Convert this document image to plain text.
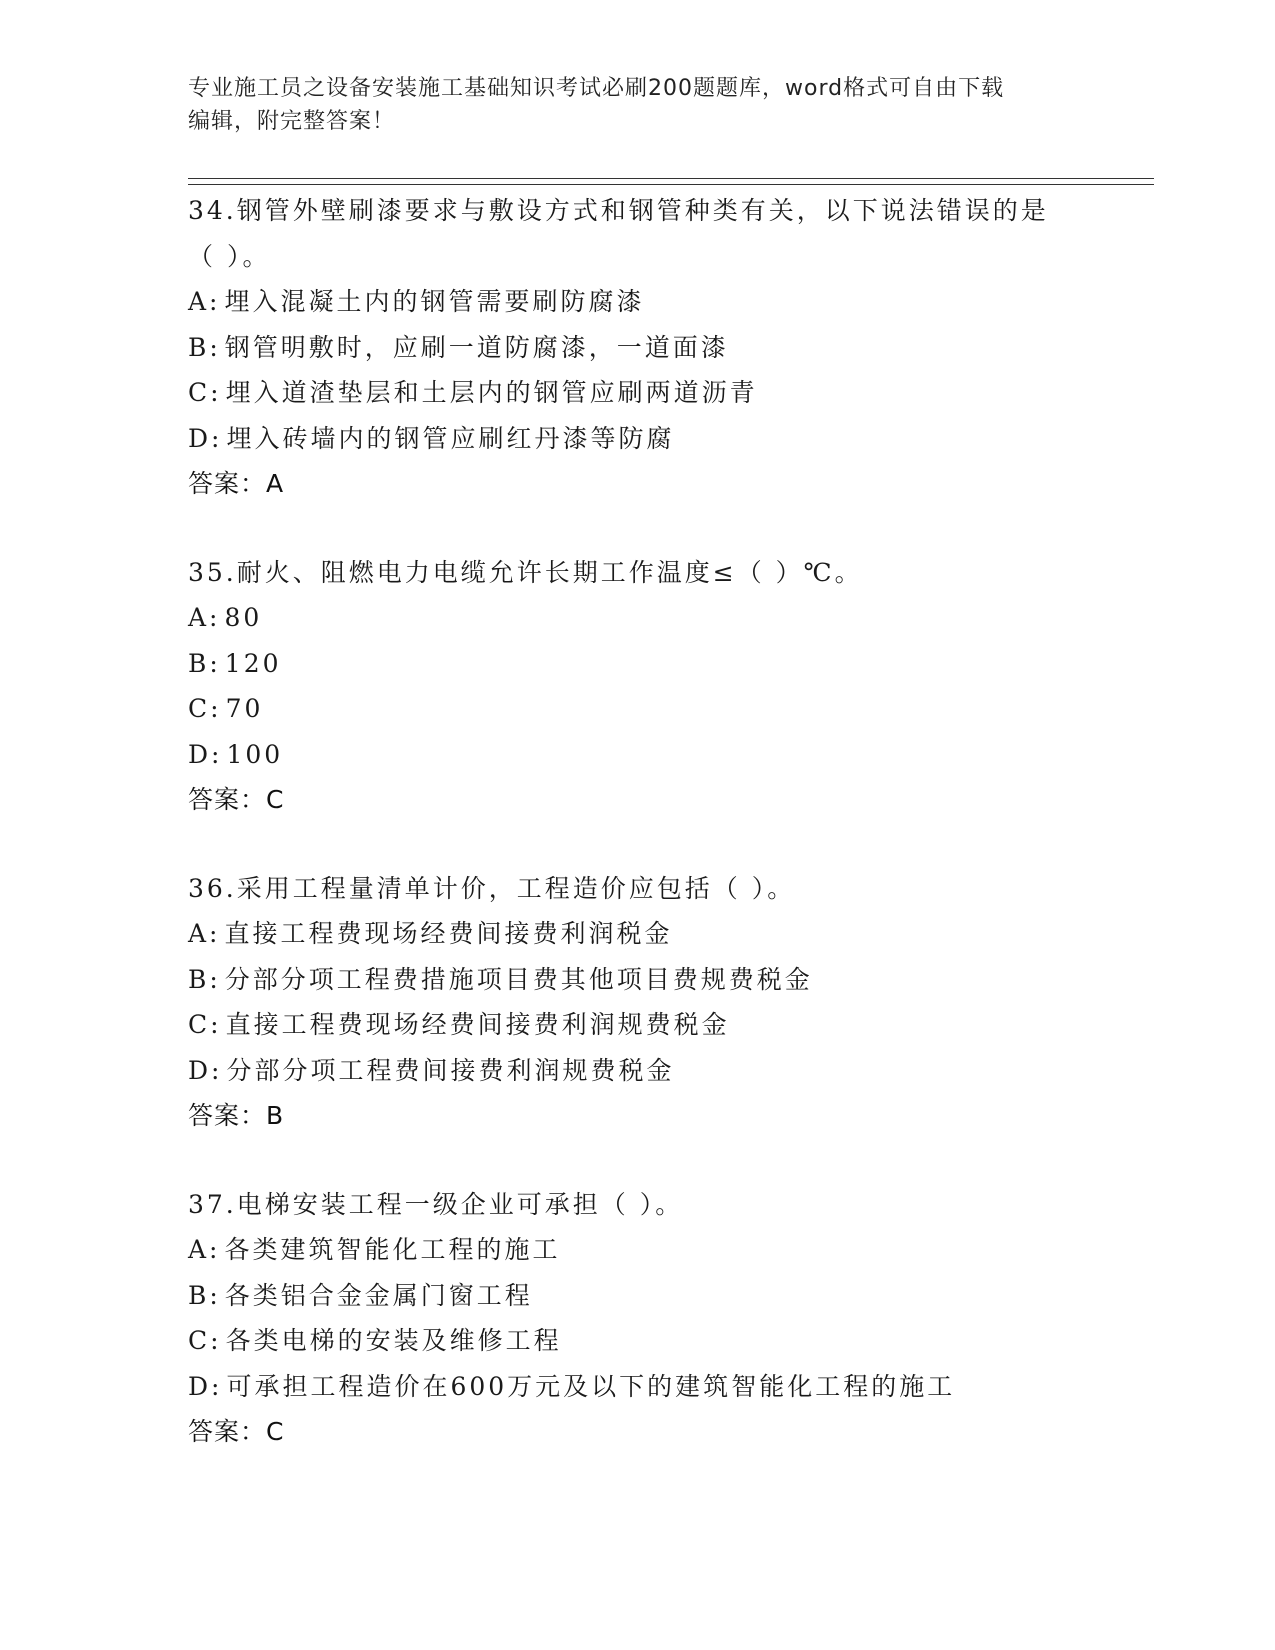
专业施工员之设备安装施工基础知识考试必刷200题题库，word格式可自由下载
编辑，附完整答案！
34.钢管外壁刷漆要求与敷设方式和钢管种类有关，以下说法错误的是
（ ）。
A: 埋入混凝土内的钢管需要刷防腐漆
B: 钢管明敷时，应刷一道防腐漆，一道面漆
C: 埋入道渣垫层和土层内的钢管应刷两道沥青
D: 埋入砖墙内的钢管应刷红丹漆等防腐
答案：A
35.耐火、阻燃电力电缆允许长期工作温度≤（ ）℃。
A: 80
B: 120
C: 70
D: 100
答案：C
36.采用工程量清单计价，工程造价应包括（ ）。
A: 直接工程费现场经费间接费利润税金
B: 分部分项工程费措施项目费其他项目费规费税金
C: 直接工程费现场经费间接费利润规费税金
D: 分部分项工程费间接费利润规费税金
答案：B
37.电梯安装工程一级企业可承担（ ）。
A: 各类建筑智能化工程的施工
B: 各类铝合金金属门窗工程
C: 各类电梯的安装及维修工程
D: 可承担工程造价在600万元及以下的建筑智能化工程的施工
答案：C
